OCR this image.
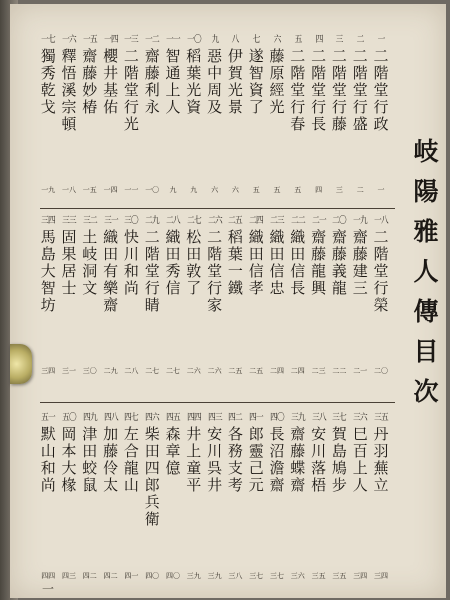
岐陽雅人傳目次
一
二階堂行政
一
二
二階堂行盛
二
三
二階堂行藤
三
四
二階堂行長
四
五
二階堂行春
五
六
藤原經光
五
七
遂智資了
五
八
伊賀光景
六
九
惡中周及
六
一〇
稻葉光資
九
一一
智通上人
九
一二
齋藤利永
一〇
一三
二階堂行光
一一
一四
櫻井基佑
一四
一五
齋藤妙椿
一五
一六
釋悟溪宗頓
一八
一七
獨秀乾戈
一九
一八
二階堂行榮
二〇
一九
齋藤建三
二一
二〇
齋藤義龍
二二
二一
齋藤龍興
二三
二二
織田信長
二四
二三
織田信忠
二四
二四
織田信孝
二五
二五
稻葉一鐵
二五
二六
二階堂行家
二六
二七
松田敦了
二六
二八
織田秀信
二七
二九
二階堂行睛
二七
三〇
快川和尚
二八
三一
織田有樂齋
二九
三二
土岐洞文
三〇
三三
固果居士
三一
三四
馬島大智坊
三四
三五
丹羽蕪立
三四
三六
巳百上人
三四
三七
賀島鳩步
三五
三八
安川落梧
三五
三九
齋藤蝶齋
三六
四〇
長沼澹齋
三七
四一
郎靈己元
三七
四二
各務支考
三八
四三
安川呉井
三九
四四
井上童平
三九
四五
森章億
四〇
四六
柴田四郎兵衛
四〇
四七
左合龍山
四一
四八
加藤伶太
四二
四九
津田蛟鼠
四二
五〇
岡本大椽
四三
五一
默山和尚
四四
一
